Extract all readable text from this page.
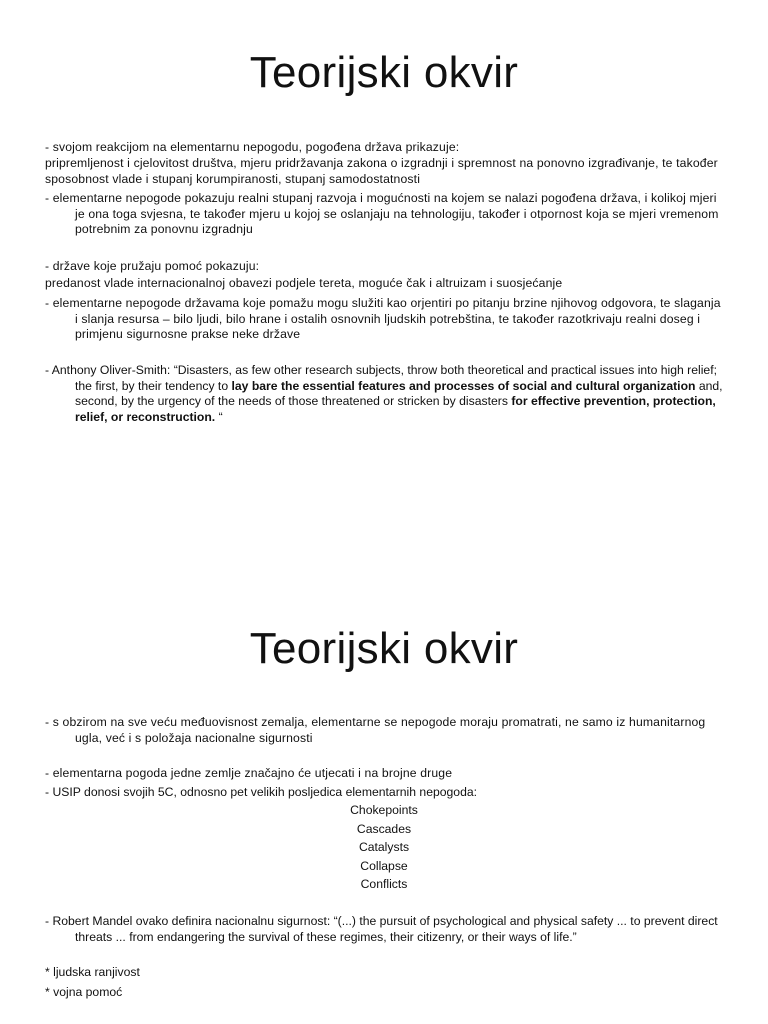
Teorijski okvir

- svojom reakcijom na elementarnu nepogodu, pogođena država prikazuje:

pripremljenost i cjelovitost društva, mjeru pridržavanja zakona o izgradnji i spremnost na ponovno izgrađivanje, te također sposobnost vlade i stupanj korumpiranosti, stupanj samodostatnosti

- elementarne nepogode pokazuju realni stupanj razvoja i mogućnosti na kojem se nalazi pogođena država, i kolikoj mjeri je ona toga svjesna, te također mjeru u kojoj se oslanjaju na tehnologiju, također i otpornost koja se mjeri vremenom potrebnim za ponovnu izgradnju

- države koje pružaju pomoć pokazuju:

predanost vlade internacionalnoj obavezi podjele tereta, moguće čak i altruizam i suosjećanje

- elementarne nepogode državama koje pomažu mogu služiti kao orjentiri po pitanju brzine njihovog odgovora, te slaganja i slanja resursa – bilo ljudi, bilo hrane i ostalih osnovnih ljudskih potrebština, te također razotkrivaju realni doseg i primjenu sigurnosne prakse neke države

- Anthony Oliver-Smith: “Disasters, as few other research subjects, throw both theoretical and practical issues into high relief; the first, by their tendency to lay bare the essential features and processes of social and cultural organization and, second, by the urgency of the needs of those threatened or stricken by disasters for effective prevention, protection, relief, or reconstruction. “

Teorijski okvir

- s obzirom na sve veću međuovisnost zemalja, elementarne se nepogode moraju promatrati, ne samo iz humanitarnog ugla, već i s položaja nacionalne sigurnosti

- elementarna pogoda jedne zemlje značajno će utjecati i na brojne druge

- USIP donosi svojih 5C, odnosno pet velikih posljedica elementarnih nepogoda:

Chokepoints

Cascades

Catalysts

Collapse

Conflicts

- Robert Mandel ovako definira nacionalnu sigurnost: “(...) the pursuit of psychological and physical safety ... to prevent direct threats ... from endangering the survival of these regimes, their citizenry, or their ways of life.”

* ljudska ranjivost

* vojna pomoć
